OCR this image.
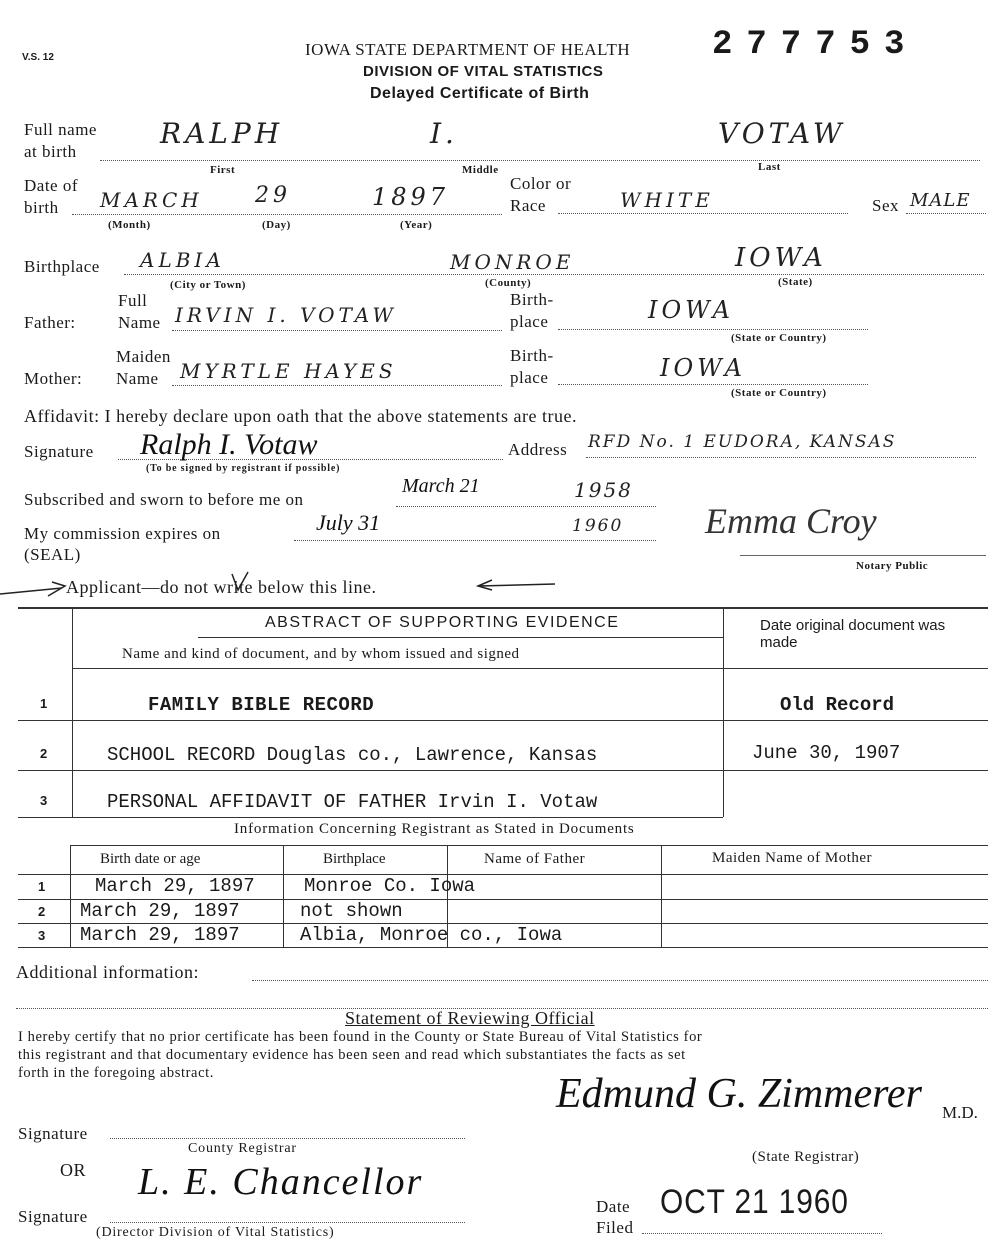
V.S. 12	IOWA STATE DEPARTMENT OF HEALTH
DIVISION OF VITAL STATISTICS
Delayed Certificate of Birth
277753
Full name
at birth
RALPH	I.	VOTAW
First	Middle	Last
Date of
birth MARCH 29	1897
(Month)	(Day)	(Year)
Color or
Race	WHITE	Sex MALE
Birthplace ALBIA	MONROE	IOWA
(City or Town)	(County)	(State)
Full
Father: Name IRVIN I. VOTAW
Birth-
place	IOWA
(State or Country)
Maiden
Mother: Name MYRTLE HAYES
Birth-
place	IOWA
(State or Country)
Affidavit: I hereby declare upon oath that the above statements are true.
Signature Ralph I. Votaw
(To be signed by registrant if possible)
Address RFD No. 1 EUDORA, KANSAS
Subscribed and sworn to before me on
March 21	1958
My commission expires on	July 31	1960
(SEAL)
Emma Croy
Notary Public
Applicant—do not write below this line.
ABSTRACT OF SUPPORTING EVIDENCE
Name and kind of document, and by whom issued and signed
Date original document was made
1	FAMILY BIBLE RECORD	Old Record
2	SCHOOL RECORD Douglas co., Lawrence, Kansas	June 30, 1907
3	PERSONAL AFFIDAVIT OF FATHER Irvin I. Votaw
Information Concerning Registrant as Stated in Documents
Birth date or age	Birthplace	Name of Father	Maiden Name of Mother
1	March 29, 1897	Monroe Co. Iowa
2 March 29, 1897	not shown
3 March 29, 1897	Albia, Monroe co., Iowa
Additional information:
Statement of Reviewing Official
I hereby certify that no prior certificate has been found in the County or State Bureau of Vital Statistics for
this registrant and that documentary evidence has been seen and read which substantiates the facts as set
forth in the foregoing abstract.	Edmund G. Zimmerer M.D.
(State Registrar)
Signature
County Registrar
OR L. E. Chancellor
Signature
(Director Division of Vital Statistics)
Date
Filed
OCT 21 1960
